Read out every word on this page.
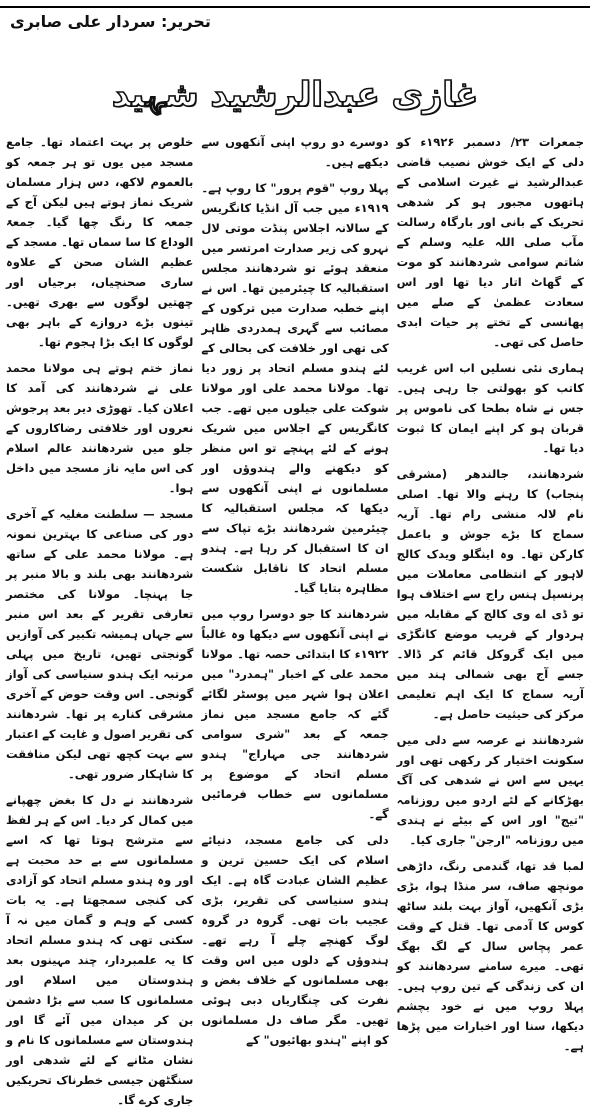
تحریر: سردار علی صابری
غازی عبدالرشید شہید

جمعرات ۲۳/ دسمبر ۱۹۲۶ء کو دلی کے ایک خوش نصیب قاضی عبدالرشید نے غیرت اسلامی کے ہاتھوں مجبور ہو کر شدھی تحریک کے بانی اور بارگاہ رسالت مآب صلی اللہ علیہ وسلم کے شاتم سوامی شردھانند کو موت کے گھاٹ اتار دیا تھا اور اس سعادت عظمیٰ کے صلے میں پھانسی کے تختے پر حیات ابدی حاصل کی تھی۔

ہماری نئی نسلیں اب اس غریب کاتب کو بھولتی جا رہی ہیں۔ جس نے شاہ بطحا کی ناموس پر قربان ہو کر اپنے ایمان کا ثبوت دیا تھا۔

شردھانند، جالندھر (مشرقی پنجاب) کا رہنے والا تھا۔ اصلی نام لالہ منشی رام تھا۔ آریہ سماج کا بڑے جوش و باعمل کارکن تھا۔ وہ اینگلو ویدک کالج لاہور کے انتظامی معاملات میں پرنسپل ہنس راج سے اختلاف ہوا تو ڈی اے وی کالج کے مقابلہ میں ہردوار کے قریب موضع کانگڑی میں ایک گروکل قائم کر ڈالا۔ جسے آج بھی شمالی ہند میں آریہ سماج کا ایک اہم تعلیمی مرکز کی حیثیت حاصل ہے۔

شردھانند نے عرصہ سے دلی میں سکونت اختیار کر رکھی تھی اور یہیں سے اس نے شدھی کی آگ بھڑکانے کے لئے اردو میں روزنامہ "تیج" اور اس کے بیٹے نے ہندی میں روزنامہ "ارجن" جاری کیا۔

لمبا قد تھا، گندمی رنگ، داڑھی مونچھ صاف، سر منڈا ہوا، بڑی بڑی آنکھیں، آواز بہت بلند ساٹھ کوس کا آدمی تھا۔ قتل کے وقت عمر پچاس سال کے لگ بھگ تھی۔ میرے سامنے سردھانند کو ان کی زندگی کے تین روپ ہیں۔ پہلا روپ میں نے خود بچشم دیکھا، سنا اور اخبارات میں پڑھا ہے۔

دوسرے دو روپ اپنی آنکھوں سے دیکھے ہیں۔

پہلا روپ "قوم پرور" کا روپ ہے۔ ۱۹۱۹ء میں جب آل انڈیا کانگریس کے سالانہ اجلاس پنڈت موتی لال نہرو کی زیر صدارت امرتسر میں منعقد ہوئے تو شردھانند مجلس استقبالیہ کا چیئرمین تھا۔ اس نے اپنے خطبہ صدارت میں ترکوں کے مصائب سے گہری ہمدردی ظاہر کی تھی اور خلافت کی بحالی کے لئے ہندو مسلم اتحاد پر زور دیا تھا۔ مولانا محمد علی اور مولانا شوکت علی جیلوں میں تھے۔ جب کانگریس کے اجلاس میں شریک ہونے کے لئے پہنچے تو اس منظر کو دیکھنے والے ہندوؤں اور مسلمانوں نے اپنی آنکھوں سے دیکھا کہ مجلس استقبالیہ کا چیئرمین شردھانند بڑے تپاک سے ان کا استقبال کر رہا ہے۔ ہندو مسلم اتحاد کا ناقابل شکست مظاہرہ بتایا گیا۔

شردھانند کا جو دوسرا روپ میں نے اپنی آنکھوں سے دیکھا وہ غالباً ۱۹۲۲ء کا ابتدائی حصہ تھا۔ مولانا محمد علی کے اخبار "ہمدرد" میں اعلان ہوا شہر میں پوسٹر لگائے گئے کہ جامع مسجد میں نماز جمعہ کے بعد "شری سوامی شردھانند جی مہاراج" ہندو مسلم اتحاد کے موضوع پر مسلمانوں سے خطاب فرمائیں گے۔

دلی کی جامع مسجد، دنیائے اسلام کی ایک حسین ترین و عظیم الشان عبادت گاہ ہے۔ ایک ہندو سنیاسی کی تقریر، بڑی عجیب بات تھی۔ گروہ در گروہ لوگ کھنچے چلے آ رہے تھے۔ ہندوؤں کے دلوں میں اس وقت بھی مسلمانوں کے خلاف بغض و نفرت کی چنگاریاں دبی ہوئی تھیں۔ مگر صاف دل مسلمانوں کو اپنے "ہندو بھائیوں" کے

خلوص پر بہت اعتماد تھا۔ جامع مسجد میں یوں تو ہر جمعہ کو بالعموم لاکھ، دس ہزار مسلمان شریک نماز ہوتے ہیں لیکن آج کے جمعہ کا رنگ چھا گیا۔ جمعۃ الوداع کا سا سماں تھا۔ مسجد کے عظیم الشان صحن کے علاوہ ساری صحنچیاں، برجیاں اور چھتیں لوگوں سے بھری تھیں۔ تینوں بڑے دروازے کے باہر بھی لوگوں کا ایک بڑا ہجوم تھا۔

نماز ختم ہوتے ہی مولانا محمد علی نے شردھانند کی آمد کا اعلان کیا۔ تھوڑی دیر بعد پرجوش نعروں اور خلافتی رضاکاروں کے جلو میں شردھانند عالم اسلام کی اس مایہ ناز مسجد میں داخل ہوا۔

مسجد — سلطنت مغلیہ کے آخری دور کی صناعی کا بہترین نمونہ ہے۔ مولانا محمد علی کے ساتھ شردھانند بھی بلند و بالا منبر پر جا پہنچا۔ مولانا کی مختصر تعارفی تقریر کے بعد اس منبر سے جہاں ہمیشہ تکبیر کی آوازیں گونجتی تھیں، تاریخ میں پہلی مرتبہ ایک ہندو سنیاسی کی آواز گونجی۔ اس وقت حوض کے آخری مشرقی کنارے پر تھا۔ شردھانند کی تقریر اصول و غایت کے اعتبار سے بہت کچھ تھی لیکن منافقت کا شاہکار ضرور تھی۔

شردھانند نے دل کا بغض چھپانے میں کمال کر دیا۔ اس کے ہر لفظ سے مترشح ہوتا تھا کہ اسے مسلمانوں سے بے حد محبت ہے اور وہ ہندو مسلم اتحاد کو آزادی کی کنجی سمجھتا ہے۔ یہ بات کسی کے وہم و گمان میں نہ آ سکتی تھی کہ ہندو مسلم اتحاد کا یہ علمبردار، چند مہینوں بعد ہندوستان میں اسلام اور مسلمانوں کا سب سے بڑا دشمن بن کر میدان میں آئے گا اور ہندوستان سے مسلمانوں کا نام و نشان مٹانے کے لئے شدھی اور سنگٹھن جیسی خطرناک تحریکیں جاری کرے گا۔
